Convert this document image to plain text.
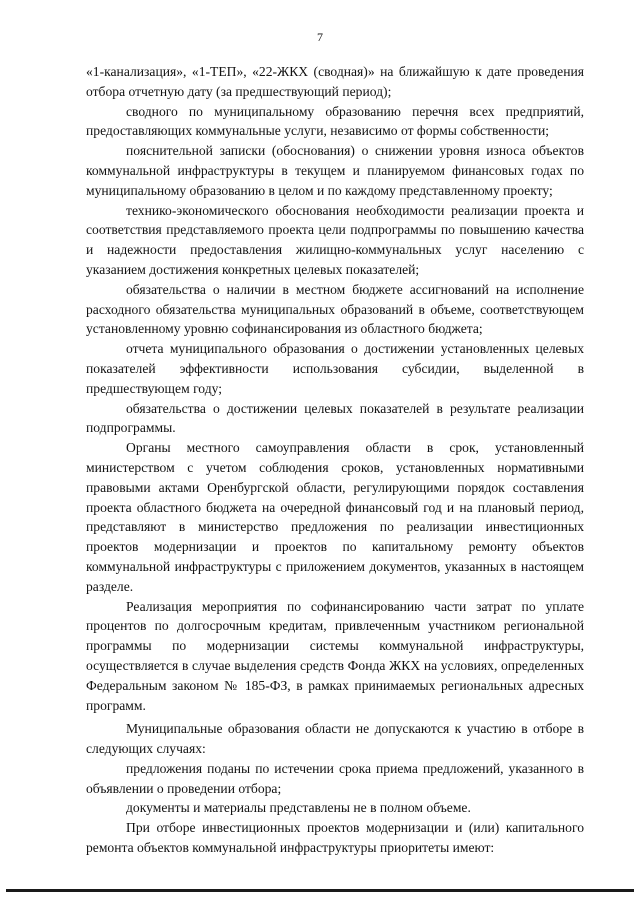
7

«1-канализация», «1-ТЕП», «22-ЖКХ (сводная)» на ближайшую к дате проведения отбора отчетную дату (за предшествующий период);

сводного по муниципальному образованию перечня всех предприятий, предоставляющих коммунальные услуги, независимо от формы собственности;

пояснительной записки (обоснования) о снижении уровня износа объектов коммунальной инфраструктуры в текущем и планируемом финансовых годах по муниципальному образованию в целом и по каждому представленному проекту;

технико-экономического обоснования необходимости реализации проекта и соответствия представляемого проекта цели подпрограммы по повышению качества и надежности предоставления жилищно-коммунальных услуг населению с указанием достижения конкретных целевых показателей;

обязательства о наличии в местном бюджете ассигнований на исполнение расходного обязательства муниципальных образований в объеме, соответствующем установленному уровню софинансирования из областного бюджета;

отчета муниципального образования о достижении установленных целевых показателей эффективности использования субсидии, выделенной в предшествующем году;

обязательства о достижении целевых показателей в результате реализации подпрограммы.

Органы местного самоуправления области в срок, установленный министерством с учетом соблюдения сроков, установленных нормативными правовыми актами Оренбургской области, регулирующими порядок составления проекта областного бюджета на очередной финансовый год и на плановый период, представляют в министерство предложения по реализации инвестиционных проектов модернизации и проектов по капитальному ремонту объектов коммунальной инфраструктуры с приложением документов, указанных в настоящем разделе.

Реализация мероприятия по софинансированию части затрат по уплате процентов по долгосрочным кредитам, привлеченным участником региональной программы по модернизации системы коммунальной инфраструктуры, осуществляется в случае выделения средств Фонда ЖКХ на условиях, определенных Федеральным законом № 185-ФЗ, в рамках принимаемых региональных адресных программ.

Муниципальные образования области не допускаются к участию в отборе в следующих случаях:

предложения поданы по истечении срока приема предложений, указанного в объявлении о проведении отбора;

документы и материалы представлены не в полном объеме.

При отборе инвестиционных проектов модернизации и (или) капитального ремонта объектов коммунальной инфраструктуры приоритеты имеют:
